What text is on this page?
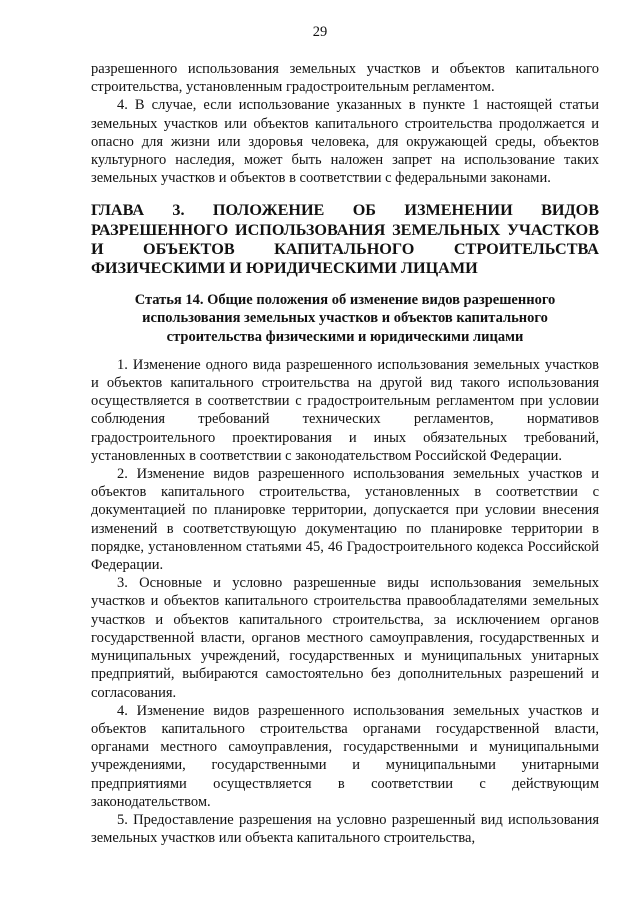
29

разрешенного использования земельных участков и объектов капитального строительства, установленным градостроительным регламентом.

4. В случае, если использование указанных в пункте 1 настоящей статьи земельных участков или объектов капитального строительства продолжается и опасно для жизни или здоровья человека, для окружающей среды, объектов культурного наследия, может быть наложен запрет на использование таких земельных участков и объектов в соответствии с федеральными законами.

ГЛАВА 3. ПОЛОЖЕНИЕ ОБ ИЗМЕНЕНИИ ВИДОВ РАЗРЕШЕННОГО ИСПОЛЬЗОВАНИЯ ЗЕМЕЛЬНЫХ УЧАСТКОВ И ОБЪЕКТОВ КАПИТАЛЬНОГО СТРОИТЕЛЬСТВА ФИЗИЧЕСКИМИ И ЮРИДИЧЕСКИМИ ЛИЦАМИ

Статья 14. Общие положения об изменение видов разрешенного использования земельных участков и объектов капитального строительства физическими и юридическими лицами

1. Изменение одного вида разрешенного использования земельных участков и объектов капитального строительства на другой вид такого использования осуществляется в соответствии с градостроительным регламентом при условии соблюдения требований технических регламентов, нормативов градостроительного проектирования и иных обязательных требований, установленных в соответствии с законодательством Российской Федерации.

2. Изменение видов разрешенного использования земельных участков и объектов капитального строительства, установленных в соответствии с документацией по планировке территории, допускается при условии внесения изменений в соответствующую документацию по планировке территории в порядке, установленном статьями 45, 46 Градостроительного кодекса Российской Федерации.

3. Основные и условно разрешенные виды использования земельных участков и объектов капитального строительства правообладателями земельных участков и объектов капитального строительства, за исключением органов государственной власти, органов местного самоуправления, государственных и муниципальных учреждений, государственных и муниципальных унитарных предприятий, выбираются самостоятельно без дополнительных разрешений и согласования.

4. Изменение видов разрешенного использования земельных участков и объектов капитального строительства органами государственной власти, органами местного самоуправления, государственными и муниципальными учреждениями, государственными и муниципальными унитарными предприятиями осуществляется в соответствии с действующим законодательством.

5. Предоставление разрешения на условно разрешенный вид использования земельных участков или объекта капитального строительства,
